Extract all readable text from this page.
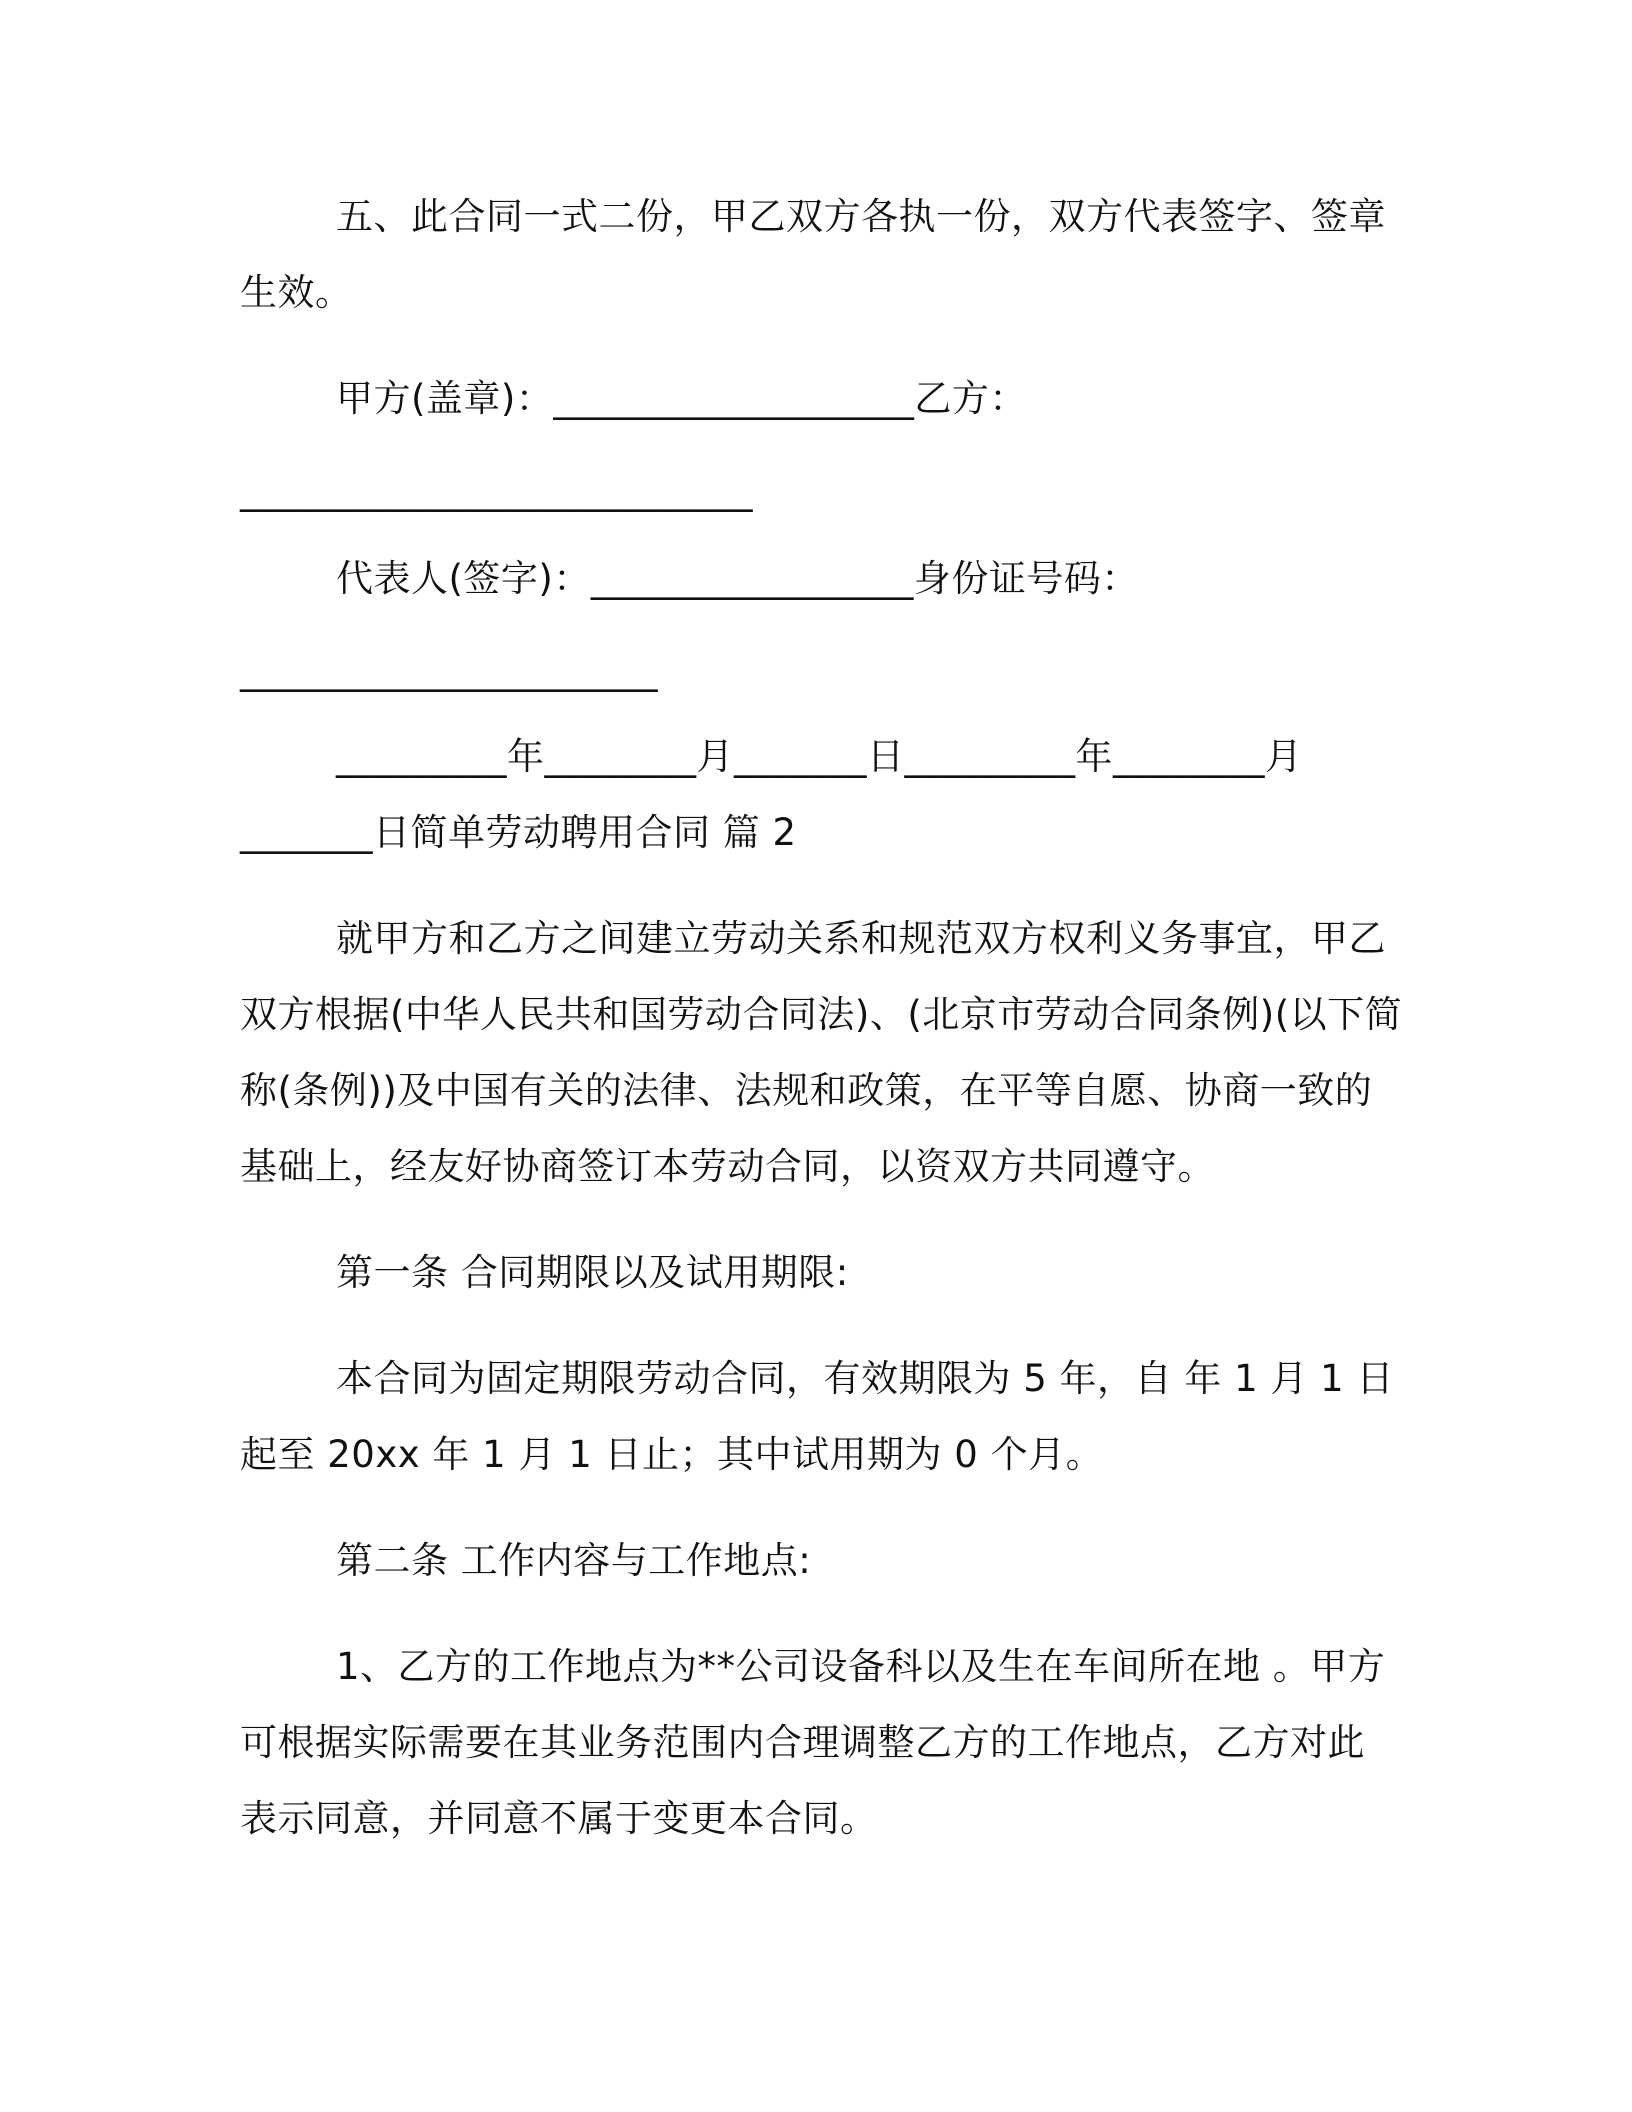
五、此合同一式二份，甲乙双方各执一份，双方代表签字、签章
生效。
甲方(盖章)：___________________乙方：
___________________________
代表人(签字)：_________________身份证号码：
______________________
_________年________月_______日_________年________月
_______日简单劳动聘用合同 篇 2
就甲方和乙方之间建立劳动关系和规范双方权利义务事宜，甲乙
双方根据(中华人民共和国劳动合同法)、(北京市劳动合同条例)(以下简
称(条例))及中国有关的法律、法规和政策，在平等自愿、协商一致的
基础上，经友好协商签订本劳动合同，以资双方共同遵守。
第一条 合同期限以及试用期限:
本合同为固定期限劳动合同，有效期限为 5 年，自 年 1 月 1 日
起至 20xx 年 1 月 1 日止；其中试用期为 0 个月。
第二条 工作内容与工作地点:
1、乙方的工作地点为**公司设备科以及生在车间所在地 。甲方
可根据实际需要在其业务范围内合理调整乙方的工作地点，乙方对此
表示同意，并同意不属于变更本合同。
